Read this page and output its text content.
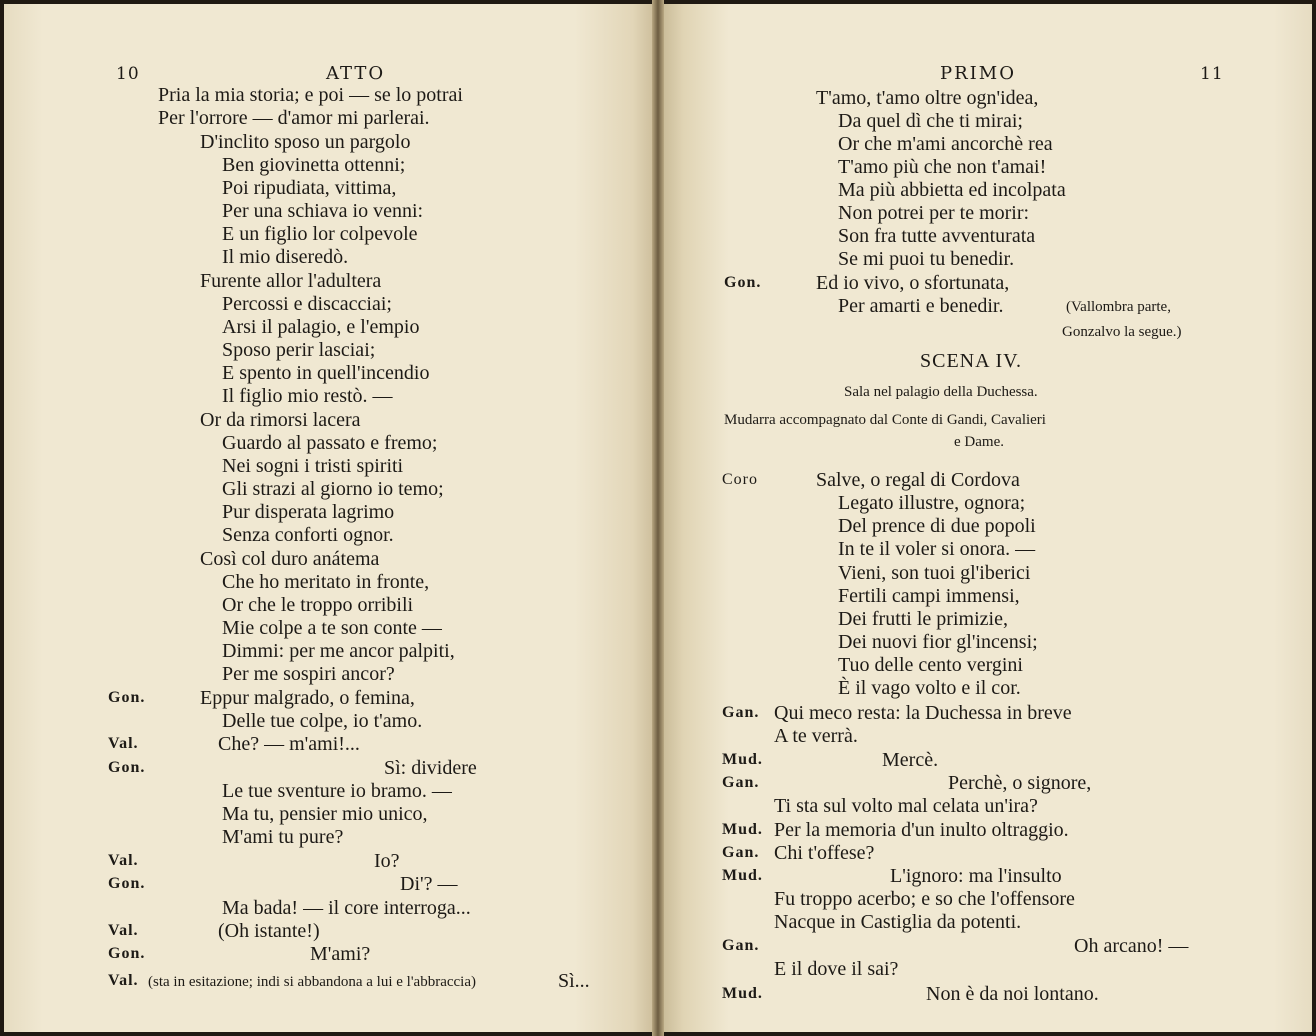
10	ATTO
Pria la mia storia; e poi — se lo potrai
Per l'orrore — d'amor mi parlerai.
D'inclito sposo un pargolo
Ben giovinetta ottenni;
Poi ripudiata, vittima,
Per una schiava io venni:
E un figlio lor colpevole
Il mio diseredò.
Furente allor l'adultera
Percossi e discacciai;
Arsi il palagio, e l'empio
Sposo perir lasciai;
E spento in quell'incendio
Il figlio mio restò. —
Or da rimorsi lacera
Guardo al passato e fremo;
Nei sogni i tristi spiriti
Gli strazi al giorno io temo;
Pur disperata lagrimo
Senza conforti ognor.
Così col duro anátema
Che ho meritato in fronte,
Or che le troppo orribili
Mie colpe a te son conte —
Dimmi: per me ancor palpiti,
Per me sospiri ancor?
Gon.	Eppur malgrado, o femina,
Delle tue colpe, io t'amo.
Val.	Che? — m'ami!...
Gon.	Sì: dividere
Le tue sventure io bramo. —
Ma tu, pensier mio unico,
M'ami tu pure?
Val.	Io?
Gon.	Di'? —
Ma bada! — il core interroga...
Val.	(Oh istante!)
Gon.	M'ami?
Val. (sta in esitazione; indi si abbandona a lui e l'abbraccia)	Sì...
PRIMO	11
T'amo, t'amo oltre ogn'idea,
Da quel dì che ti mirai;
Or che m'ami ancorchè rea
T'amo più che non t'amai!
Ma più abbietta ed incolpata
Non potrei per te morir:
Son fra tutte avventurata
Se mi puoi tu benedir.
Gon.	Ed io vivo, o sfortunata,
Per amarti e benedir.	(Vallombra parte,
Gonzalvo la segue.)
SCENA IV.
Sala nel palagio della Duchessa.
Mudarra accompagnato dal Conte di Gandi, Cavalieri
e Dame.
Coro	Salve, o regal di Cordova
Legato illustre, ognora;
Del prence di due popoli
In te il voler si onora. —
Vieni, son tuoi gl'iberici
Fertili campi immensi,
Dei frutti le primizie,
Dei nuovi fior gl'incensi;
Tuo delle cento vergini
È il vago volto e il cor.
Gan. Qui meco resta: la Duchessa in breve
A te verrà.
Mud.	Mercè.
Gan.	Perchè, o signore,
Ti sta sul volto mal celata un'ira?
Mud. Per la memoria d'un inulto oltraggio.
Gan. Chi t'offese?
Mud.	L'ignoro: ma l'insulto
Fu troppo acerbo; e so che l'offensore
Nacque in Castiglia da potenti.
Gan.	Oh arcano! —
E il dove il sai?
Mud.	Non è da noi lontano.
